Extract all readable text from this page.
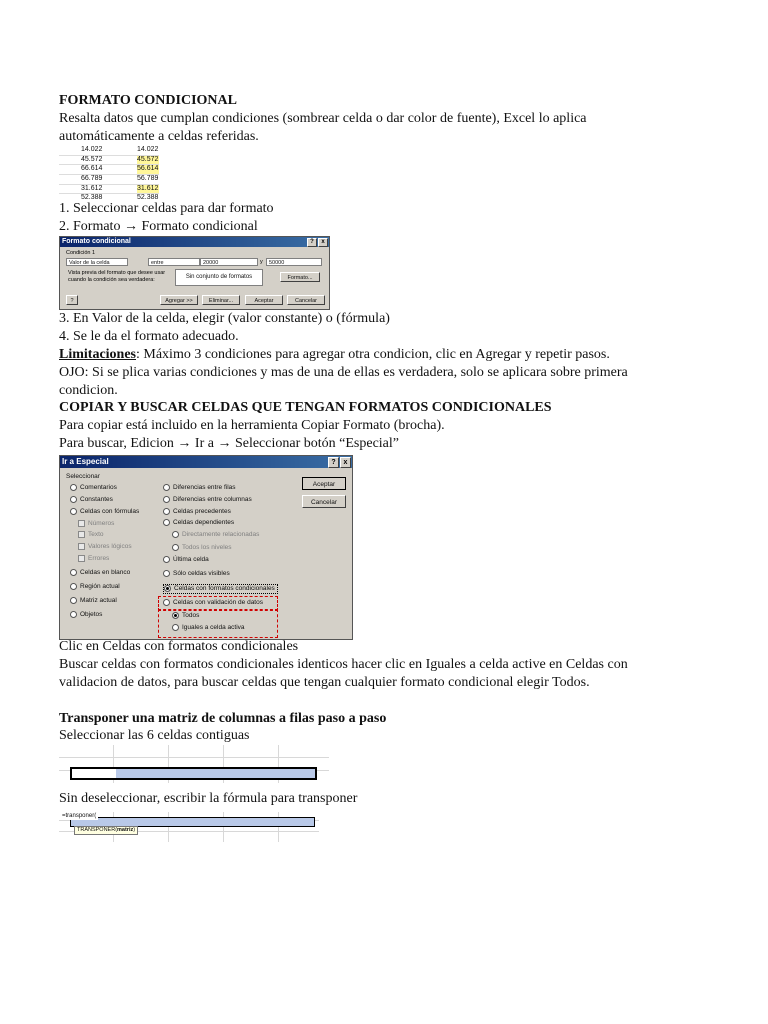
FORMATO CONDICIONAL
Resalta datos que cumplan condiciones (sombrear celda o dar color de fuente), Excel lo aplica
automáticamente a celdas referidas.
14.022	14.022
45.572	45.572
66.614	56.614
66.789	56.789
31.612	31.612
52.388	52.388
1. Seleccionar celdas para dar formato
2. Formato → Formato condicional
Formato condicional	?	x
Condición 1
Valor de la celda	entre	20000	y	50000
Vista previa del formato que desee usar cuando la condición sea verdadera:	Sin conjunto de formatos	Formato...
?	Agregar >>	Eliminar...	Aceptar	Cancelar
3. En Valor de la celda, elegir (valor constante) o (fórmula)
4. Se le da el formato adecuado.
Limitaciones: Máximo 3 condiciones para agregar otra condicion, clic en Agregar y repetir pasos.
OJO: Si se plica varias condiciones y mas de una de ellas es verdadera, solo se aplicara sobre primera
condicion.
COPIAR Y BUSCAR CELDAS QUE TENGAN FORMATOS CONDICIONALES
Para copiar está incluido en la herramienta Copiar Formato (brocha).
Para buscar, Edicion → Ir a → Seleccionar botón “Especial”
Ir a Especial	?	x
Seleccionar
Comentarios
Constantes
Celdas con fórmulas
Números
Texto
Valores lógicos
Errores
Celdas en blanco
Región actual
Matriz actual
Objetos
Diferencias entre filas
Diferencias entre columnas
Celdas precedentes
Celdas dependientes
Directamente relacionadas
Todos los niveles
Última celda
Sólo celdas visibles
Celdas con formatos condicionales
Celdas con validación de datos
Todos
Iguales a celda activa
Aceptar
Cancelar
Clic en Celdas con formatos condicionales
Buscar celdas con formatos condicionales identicos hacer clic en Iguales a celda active en Celdas con
validacion de datos, para buscar celdas que tengan cualquier formato condicional elegir Todos.
Transponer una matriz de columnas a filas paso a paso
Seleccionar las 6 celdas contiguas
Sin deseleccionar, escribir la fórmula para transponer
=transponer(
TRANSPONER(matriz)
